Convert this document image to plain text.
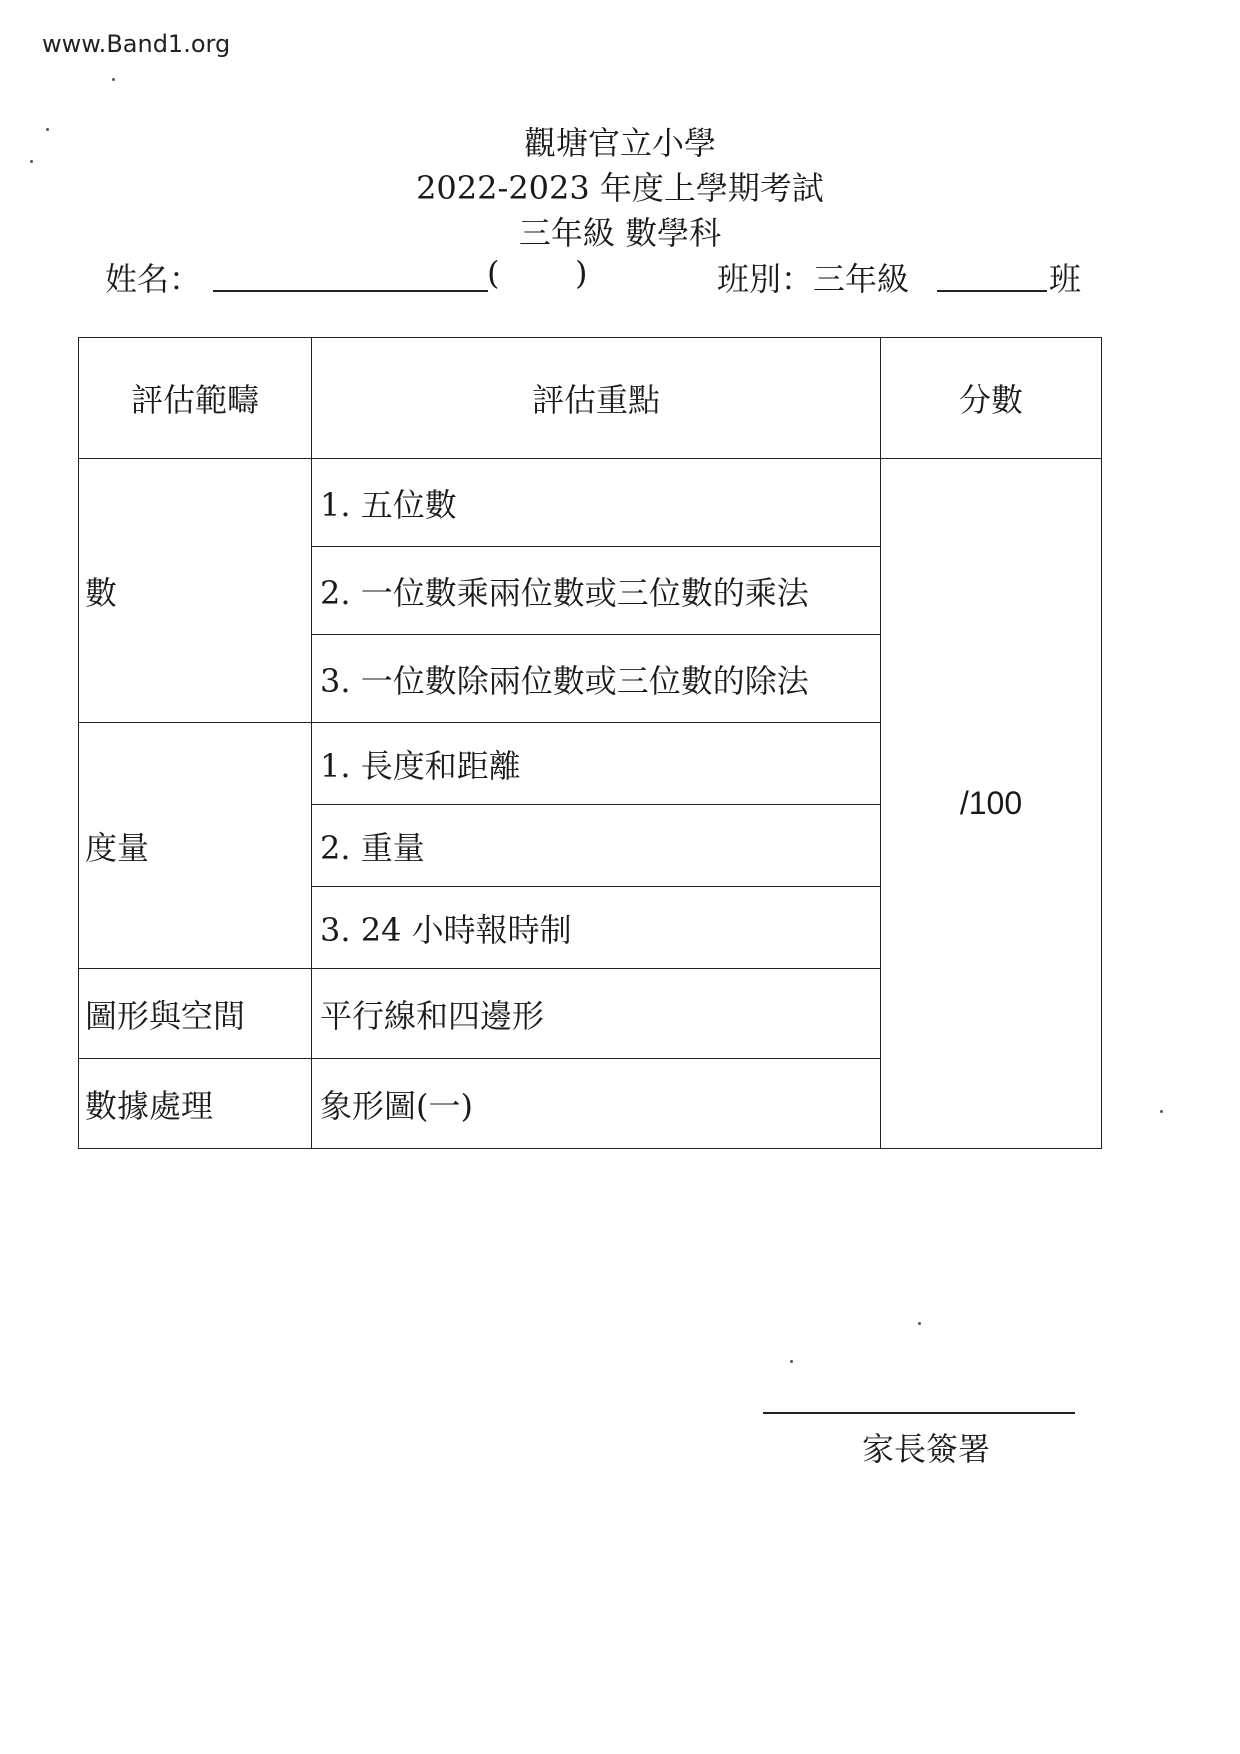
www.Band1.org
觀塘官立小學
2022-2023 年度上學期考試
三年級 數學科
姓名：	( )	班別：三年級	班
評估範疇	評估重點	分數
數	1. 五位數	/100
	2. 一位數乘兩位數或三位數的乘法	
	3. 一位數除兩位數或三位數的除法	
度量	1. 長度和距離	
	2. 重量	
	3. 24 小時報時制	
圖形與空間	平行線和四邊形	
數據處理	象形圖(一)	
家長簽署
